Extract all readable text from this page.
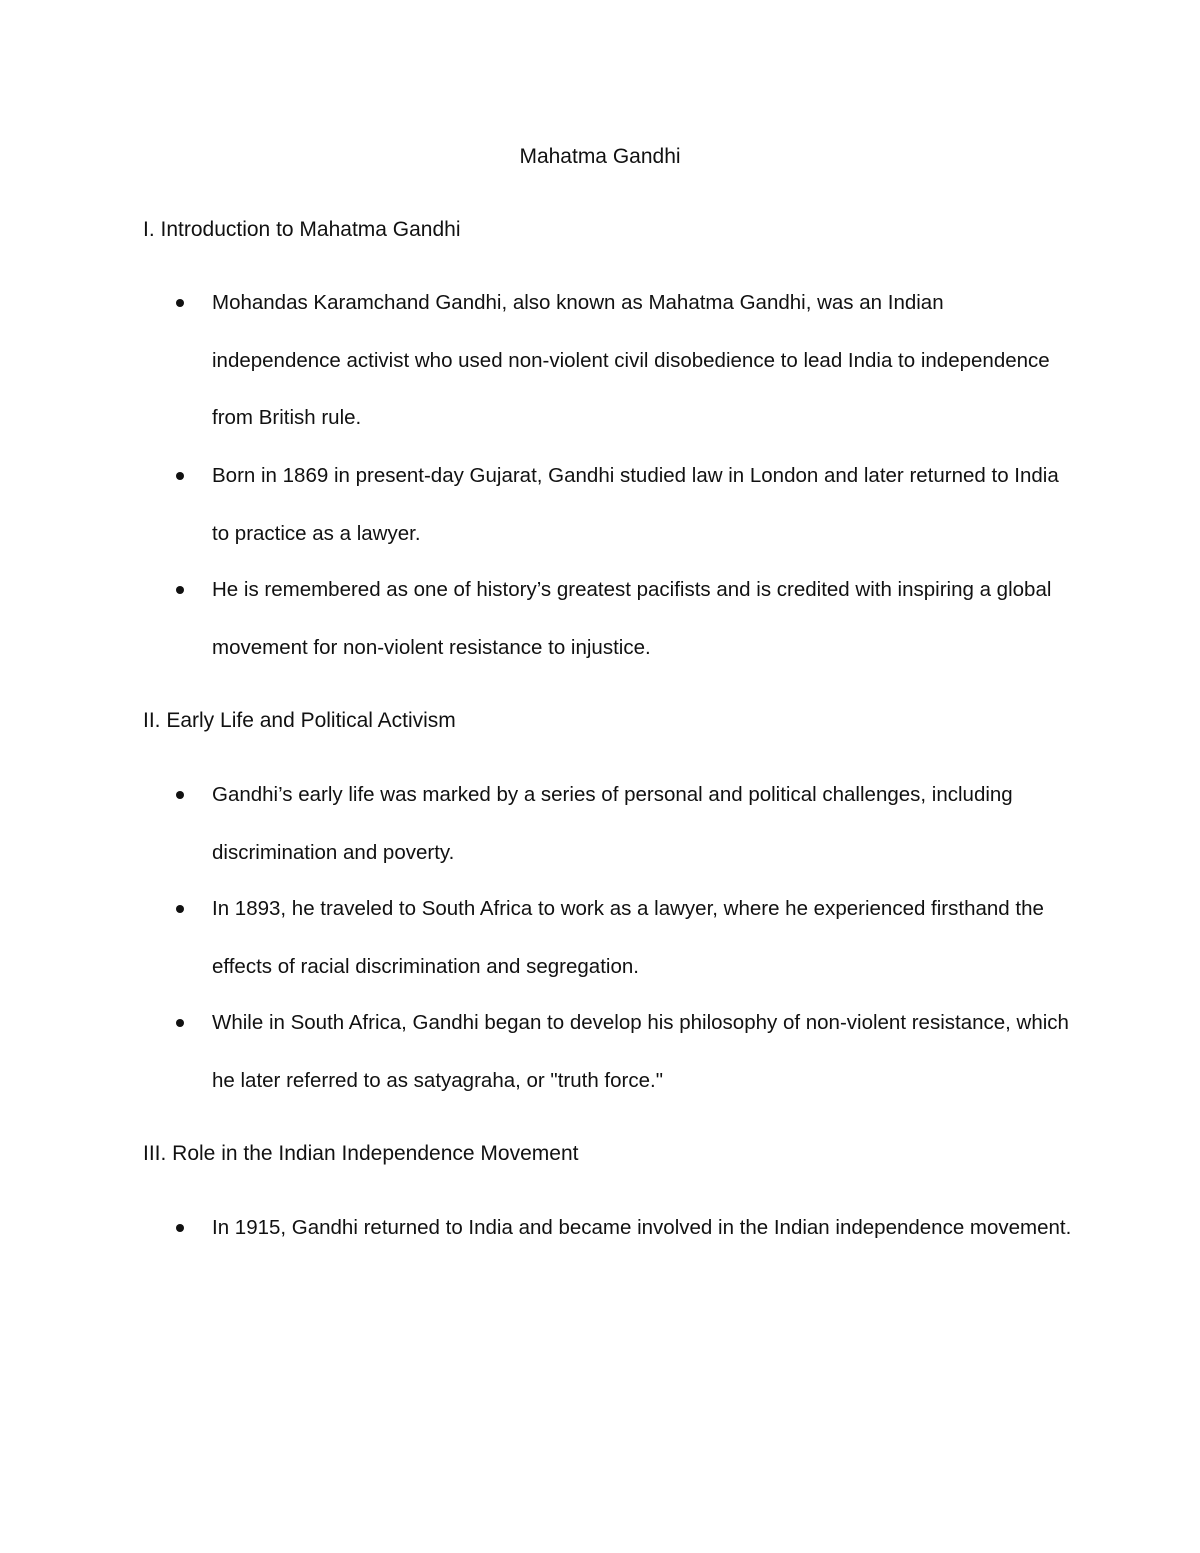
Mahatma Gandhi
I. Introduction to Mahatma Gandhi
Mohandas Karamchand Gandhi, also known as Mahatma Gandhi, was an Indian independence activist who used non-violent civil disobedience to lead India to independence from British rule.
Born in 1869 in present-day Gujarat, Gandhi studied law in London and later returned to India to practice as a lawyer.
He is remembered as one of history’s greatest pacifists and is credited with inspiring a global movement for non-violent resistance to injustice.
II. Early Life and Political Activism
Gandhi’s early life was marked by a series of personal and political challenges, including discrimination and poverty.
In 1893, he traveled to South Africa to work as a lawyer, where he experienced firsthand the effects of racial discrimination and segregation.
While in South Africa, Gandhi began to develop his philosophy of non-violent resistance, which he later referred to as satyagraha, or "truth force."
III. Role in the Indian Independence Movement
In 1915, Gandhi returned to India and became involved in the Indian independence movement.
